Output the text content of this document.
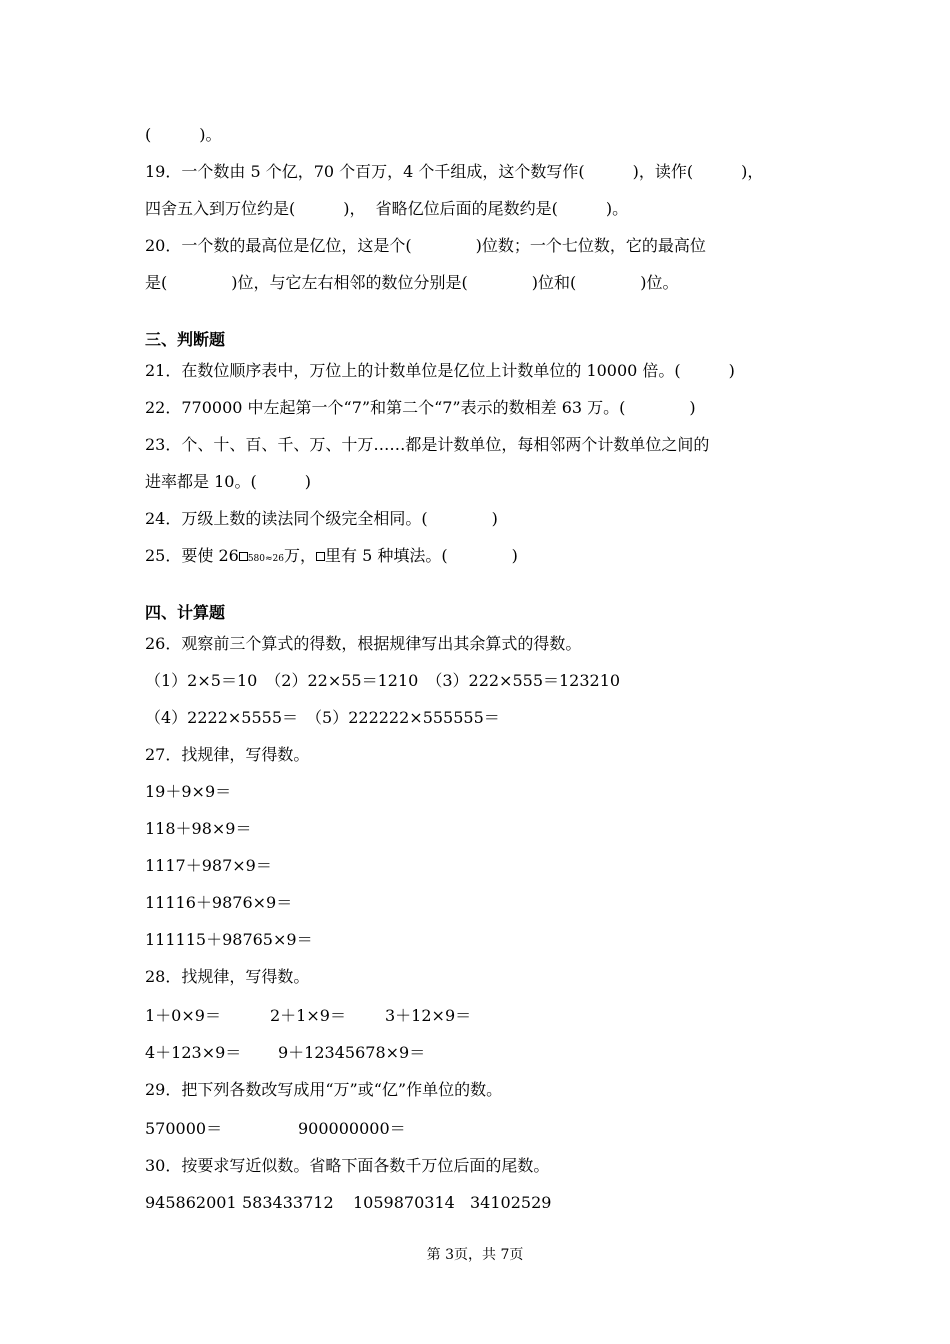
(　　　)。
19．一个数由 5 个亿，70 个百万，4 个千组成，这个数写作(　　　)，读作(　　　)，
四舍五入到万位约是(　　　)，  省略亿位后面的尾数约是(　　　)。
20．一个数的最高位是亿位，这是个(　　　　)位数；一个七位数，它的最高位
是(　　　　)位，与它左右相邻的数位分别是(　　　　)位和(　　　　)位。
三、判断题
21．在数位顺序表中，万位上的计数单位是亿位上计数单位的 10000 倍。(　　　)
22．770000 中左起第一个“7”和第二个“7”表示的数相差 63 万。(　　　　)
23．个、十、百、千、万、十万……都是计数单位，每相邻两个计数单位之间的
进率都是 10。(　　　)
24．万级上数的读法同个级完全相同。(　　　　)
25．要使 26 580≈26万， 里有 5 种填法。(　　　　)
四、计算题
26．观察前三个算式的得数，根据规律写出其余算式的得数。
（1）2×5＝10　（2）22×55＝1210　（3）222×555＝123210
（4）2222×5555＝　（5）222222×555555＝
27．找规律，写得数。
19＋9×9＝
118＋98×9＝
1117＋987×9＝
11116＋9876×9＝
111115＋98765×9＝
28．找规律，写得数。
1＋0×9＝	2＋1×9＝ 3＋12×9＝
4＋123×9＝ 9＋12345678×9＝
29．把下列各数改写成用“万”或“亿”作单位的数。
570000＝	900000000＝
30．按要求写近似数。省略下面各数千万位后面的尾数。
945862001 583433712 1059870314 34102529
第 3页，共 7页
